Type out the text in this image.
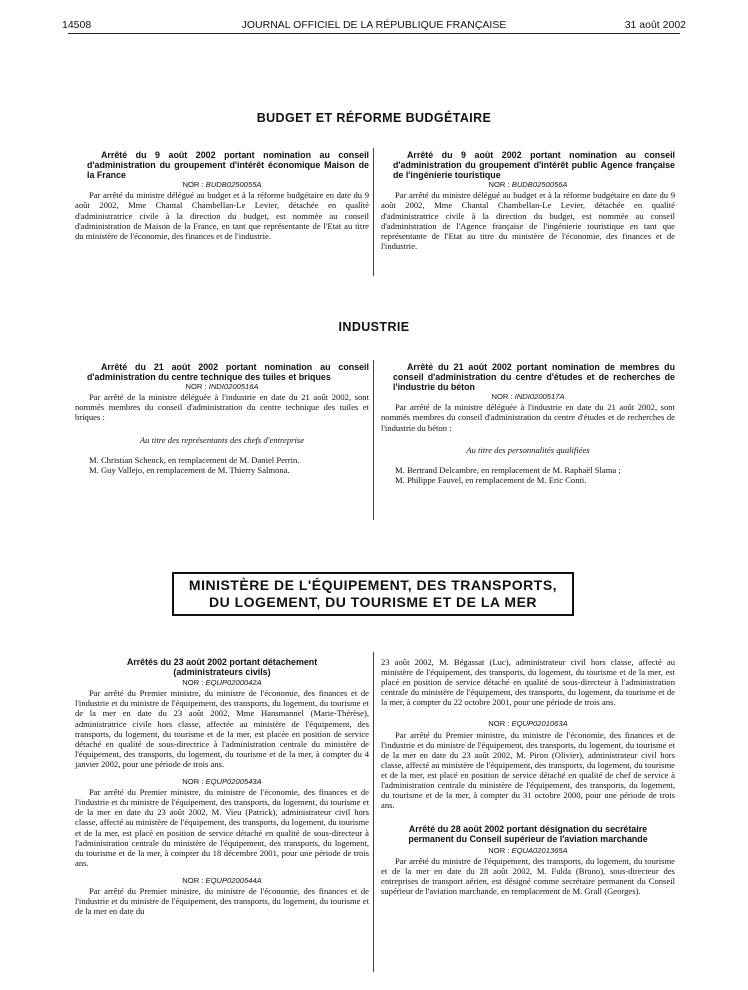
14508	JOURNAL OFFICIEL DE LA RÉPUBLIQUE FRANÇAISE	31 août 2002
BUDGET ET RÉFORME BUDGÉTAIRE

Arrêté du 9 août 2002 portant nomination au conseil d'administration du groupement d'intérêt économique Maison de la France

NOR : BUDB0250055A

Par arrêté du ministre délégué au budget et à la réforme budgétaire en date du 9 août 2002, Mme Chantal Chambellan-Le Levier, détachée en qualité d'administratrice civile à la direction du budget, est nommée au conseil d'administration de Maison de la France, en tant que représentante de l'Etat au titre du ministère de l'économie, des finances et de l'industrie.

Arrêté du 9 août 2002 portant nomination au conseil d'administration du groupement d'intérêt public Agence française de l'ingénierie touristique

NOR : BUDB0250056A

Par arrêté du ministre délégué au budget et à la réforme budgétaire en date du 9 août 2002, Mme Chantal Chambellan-Le Levier, détachée en qualité d'administratrice civile à la direction du budget, est nommée au conseil d'administration de l'Agence française de l'ingénierie touristique en tant que représentante de l'Etat au titre du ministère de l'économie, des finances et de l'industrie.

INDUSTRIE

Arrêté du 21 août 2002 portant nomination au conseil d'administration du centre technique des tuiles et briques

NOR : INDI0200516A

Par arrêté de la ministre déléguée à l'industrie en date du 21 août 2002, sont nommés membres du conseil d'administration du centre technique des tuiles et briques :

Au titre des représentants des chefs d'entreprise

M. Christian Schenck, en remplacement de M. Daniel Perrin.

M. Guy Vallejo, en remplacement de M. Thierry Salmona.

Arrêté du 21 août 2002 portant nomination de membres du conseil d'administration du centre d'études et de recherches de l'industrie du béton

NOR : INDI0200517A

Par arrêté de la ministre déléguée à l'industrie en date du 21 août 2002, sont nommés membres du conseil d'administration du centre d'études et de recherches de l'industrie du béton :

Au titre des personnalités qualifiées

M. Bertrand Delcambre, en remplacement de M. Raphaël Slama ;

M. Philippe Fauvel, en remplacement de M. Eric Conti.

MINISTÈRE DE L'ÉQUIPEMENT, DES TRANSPORTS,
DU LOGEMENT, DU TOURISME ET DE LA MER

Arrêtés du 23 août 2002 portant détachement (administrateurs civils)

NOR : EQUP0200042A

Par arrêté du Premier ministre, du ministre de l'économie, des finances et de l'industrie et du ministre de l'équipement, des transports, du logement, du tourisme et de la mer en date du 23 août 2002, Mme Hansmannel (Marie-Thérèse), administratrice civile hors classe, affectée au ministère de l'équipement, des transports, du logement, du tourisme et de la mer, est placée en position de service détaché en qualité de sous-directrice à l'administration centrale du ministère de l'équipement, des transports, du logement, du tourisme et de la mer, à compter du 4 janvier 2002, pour une période de trois ans.

NOR : EQUP0200543A

Par arrêté du Premier ministre, du ministre de l'économie, des finances et de l'industrie et du ministre de l'équipement, des transports, du logement, du tourisme et de la mer en date du 23 août 2002, M. Vieu (Patrick), administrateur civil hors classe, affecté au ministère de l'équipement, des transports, du logement, du tourisme et de la mer, est placé en position de service détaché en qualité de sous-directeur à l'administration centrale du ministère de l'équipement, des transports, du logement, du tourisme et de la mer, à compter du 18 décembre 2001, pour une période de trois ans.

NOR : EQUP0200544A

Par arrêté du Premier ministre, du ministre de l'économie, des finances et de l'industrie et du ministre de l'équipement, des transports, du logement, du tourisme et de la mer en date du

23 août 2002, M. Bégassat (Luc), administrateur civil hors classe, affecté au ministère de l'équipement, des transports, du logement, du tourisme et de la mer, est placé en position de service détaché en qualité de sous-directeur à l'administration centrale du ministère de l'équipement, des transports, du logement, du tourisme et de la mer, à compter du 22 octobre 2001, pour une période de trois ans.

NOR : EQUP0201063A

Par arrêté du Premier ministre, du ministre de l'économie, des finances et de l'industrie et du ministre de l'équipement, des transports, du logement, du tourisme et de la mer en date du 23 août 2002, M. Piron (Olivier), administrateur civil hors classe, affecté au ministère de l'équipement, des transports, du logement, du tourisme et de la mer, est placé en position de service détaché en qualité de chef de service à l'administration centrale du ministère de l'équipement, des transports, du logement, du tourisme et de la mer, à compter du 31 octobre 2000, pour une période de trois ans.

Arrêté du 28 août 2002 portant désignation du secrétaire permanent du Conseil supérieur de l'aviation marchande

NOR : EQUA0201365A

Par arrêté du ministre de l'équipement, des transports, du logement, du tourisme et de la mer en date du 28 août 2002, M. Fulda (Bruno), sous-directeur des entreprises de transport aérien, est désigné comme secrétaire permanent du Conseil supérieur de l'aviation marchande, en remplacement de M. Grall (Georges).
